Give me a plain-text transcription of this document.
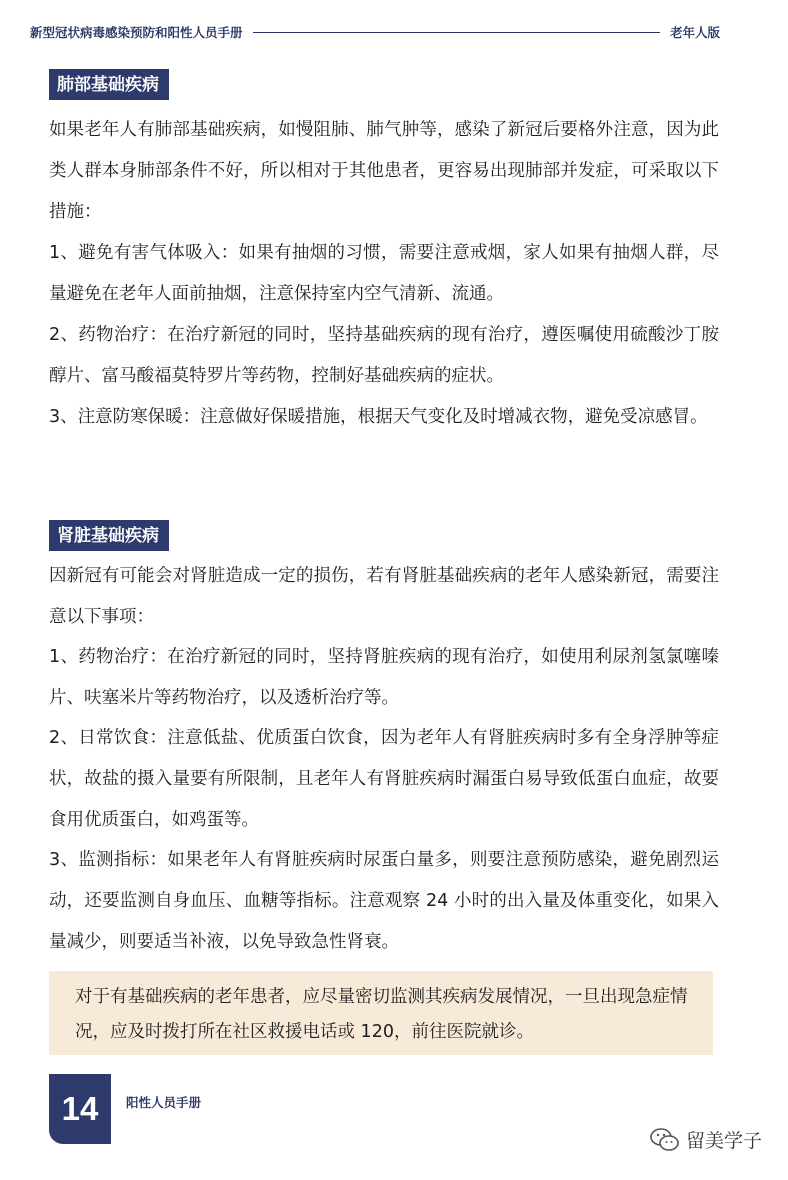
新型冠状病毒感染预防和阳性人员手册	老年人版
肺部基础疾病

如果老年人有肺部基础疾病，如慢阻肺、肺气肿等，感染了新冠后要格外注意，因为此类人群本身肺部条件不好，所以相对于其他患者，更容易出现肺部并发症，可采取以下措施：

1、避免有害气体吸入：如果有抽烟的习惯，需要注意戒烟，家人如果有抽烟人群，尽量避免在老年人面前抽烟，注意保持室内空气清新、流通。

2、药物治疗：在治疗新冠的同时，坚持基础疾病的现有治疗，遵医嘱使用硫酸沙丁胺醇片、富马酸福莫特罗片等药物，控制好基础疾病的症状。

3、注意防寒保暖：注意做好保暖措施，根据天气变化及时增减衣物，避免受凉感冒。

肾脏基础疾病

因新冠有可能会对肾脏造成一定的损伤，若有肾脏基础疾病的老年人感染新冠，需要注意以下事项：

1、药物治疗：在治疗新冠的同时，坚持肾脏疾病的现有治疗，如使用利尿剂氢氯噻嗪片、呋塞米片等药物治疗，以及透析治疗等。

2、日常饮食：注意低盐、优质蛋白饮食，因为老年人有肾脏疾病时多有全身浮肿等症状，故盐的摄入量要有所限制，且老年人有肾脏疾病时漏蛋白易导致低蛋白血症，故要食用优质蛋白，如鸡蛋等。

3、监测指标：如果老年人有肾脏疾病时尿蛋白量多，则要注意预防感染，避免剧烈运动，还要监测自身血压、血糖等指标。注意观察 24 小时的出入量及体重变化，如果入量减少，则要适当补液，以免导致急性肾衰。

对于有基础疾病的老年患者，应尽量密切监测其疾病发展情况，一旦出现急症情况，应及时拨打所在社区救援电话或 120，前往医院就诊。

14 阳性人员手册
留美学子
